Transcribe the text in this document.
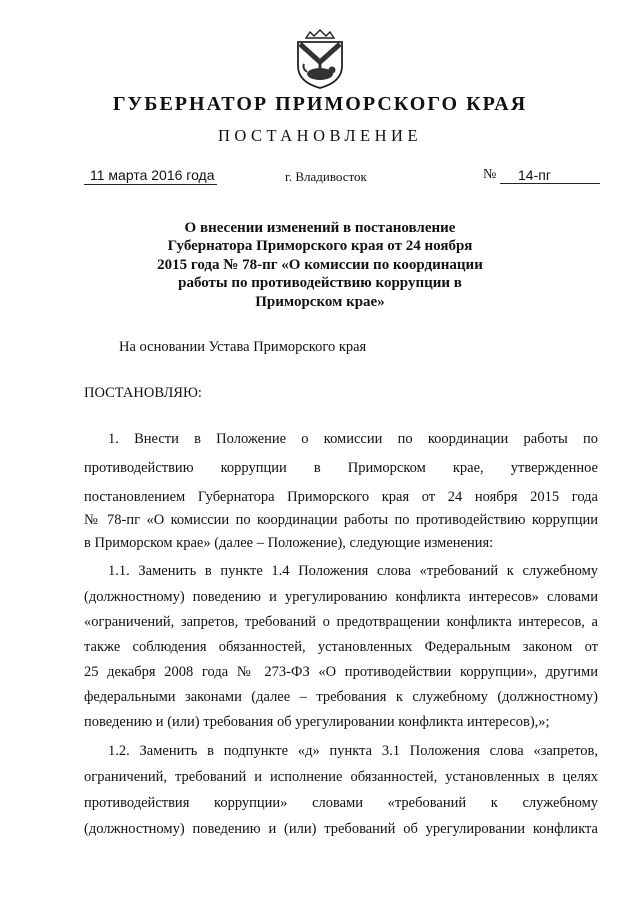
ГУБЕРНАТОР ПРИМОРСКОГО КРАЯ
ПОСТАНОВЛЕНИЕ
11 марта 2016 года	г. Владивосток	№	14-пг
О внесении изменений в постановление
Губернатора Приморского края от 24 ноября
2015 года № 78-пг «О комиссии по координации
работы по противодействию коррупции в
Приморском крае»
На основании Устава Приморского края
ПОСТАНОВЛЯЮ:
1. Внести в Положение о комиссии по координации работы по
противодействию коррупции в Приморском крае, утвержденное
постановлением Губернатора Приморского края от 24 ноября 2015 года
№ 78-пг «О комиссии по координации работы по противодействию коррупции
в Приморском крае» (далее – Положение), следующие изменения:
1.1. Заменить в пункте 1.4 Положения слова «требований к служебному
(должностному) поведению и урегулированию конфликта интересов» словами
«ограничений, запретов, требований о предотвращении конфликта интересов, а
также соблюдения обязанностей, установленных Федеральным законом от
25 декабря 2008 года № 273-ФЗ «О противодействии коррупции», другими
федеральными законами (далее – требования к служебному (должностному)
поведению и (или) требования об урегулировании конфликта интересов),»;
1.2. Заменить в подпункте «д» пункта 3.1 Положения слова «запретов,
ограничений, требований и исполнение обязанностей, установленных в целях
противодействия коррупции» словами «требований к служебному
(должностному) поведению и (или) требований об урегулировании конфликта
